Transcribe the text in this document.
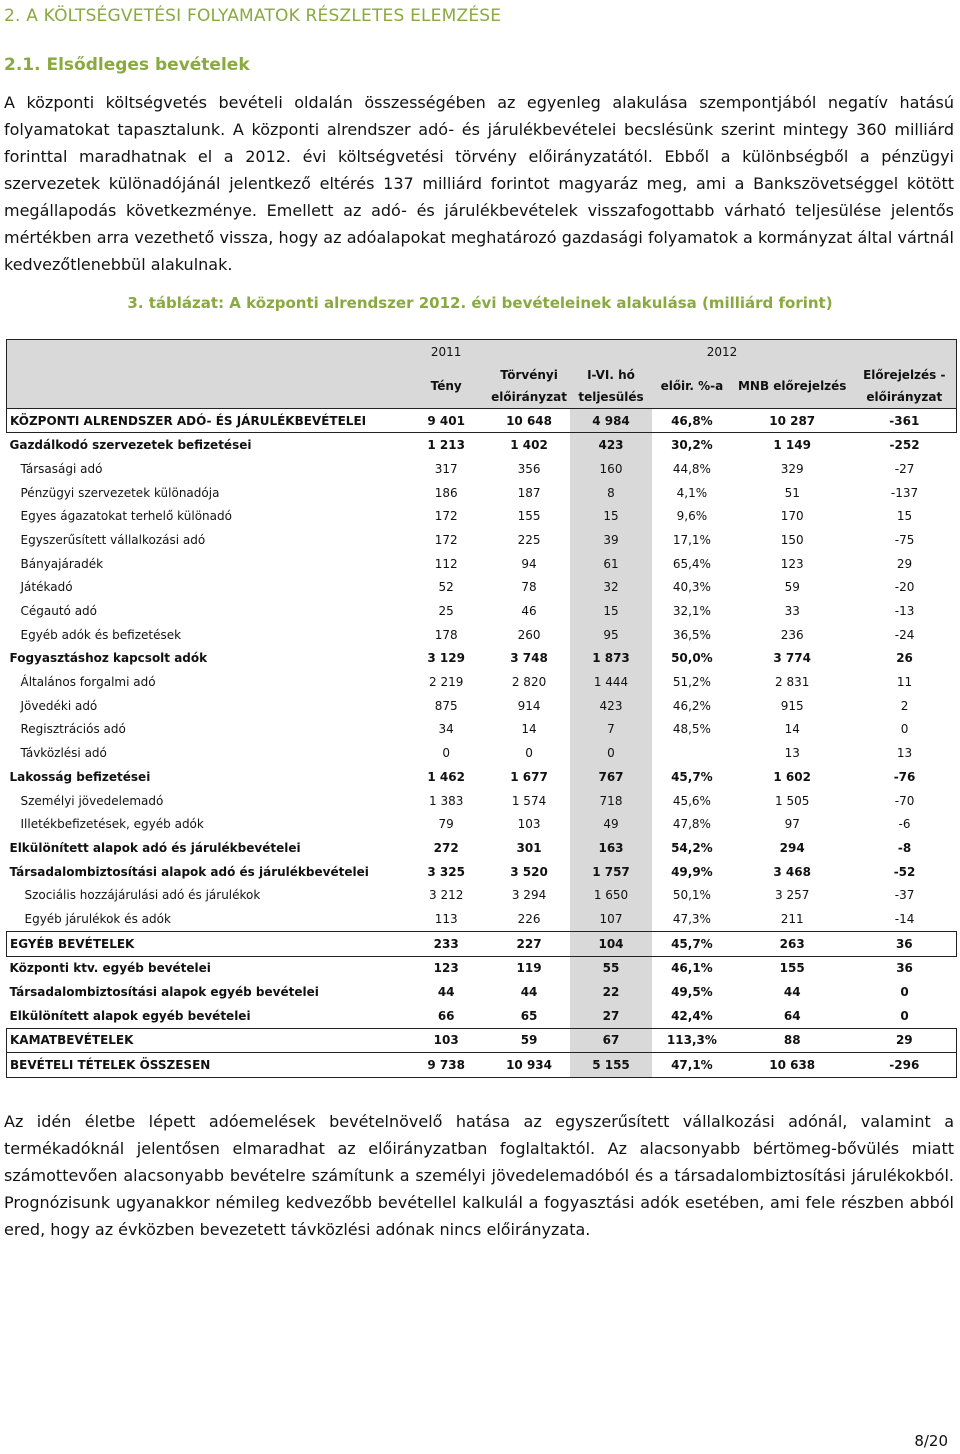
2. A KÖLTSÉGVETÉSI FOLYAMATOK RÉSZLETES ELEMZÉSE
2.1. Elsődleges bevételek
A központi költségvetés bevételi oldalán összességében az egyenleg alakulása szempontjából negatív hatású folyamatokat tapasztalunk. A központi alrendszer adó- és járulékbevételei becslésünk szerint mintegy 360 milliárd forinttal maradhatnak el a 2012. évi költségvetési törvény előirányzatától. Ebből a különbségből a pénzügyi szervezetek különadójánál jelentkező eltérés 137 milliárd forintot magyaráz meg, ami a Bankszövetséggel kötött megállapodás következménye. Emellett az adó- és járulékbevételek visszafogottabb várható teljesülése jelentős mértékben arra vezethető vissza, hogy az adóalapokat meghatározó gazdasági folyamatok a kormányzat által vártnál kedvezőtlenebbül alakulnak.
3. táblázat: A központi alrendszer 2012. évi bevételeinek alakulása (milliárd forint)
	2011	2012				
	Tény	Törvényi előirányzat	I-VI. hó teljesülés	előir. %-a	MNB előrejelzés	Előrejelzés - előirányzat
KÖZPONTI ALRENDSZER ADÓ- ÉS JÁRULÉKBEVÉTELEI	9 401	10 648	4 984	46,8%	10 287	-361
Gazdálkodó szervezetek befizetései	1 213	1 402	423	30,2%	1 149	-252
Társasági adó	317	356	160	44,8%	329	-27
Pénzügyi szervezetek különadója	186	187	8	4,1%	51	-137
Egyes ágazatokat terhelő különadó	172	155	15	9,6%	170	15
Egyszerűsített vállalkozási adó	172	225	39	17,1%	150	-75
Bányajáradék	112	94	61	65,4%	123	29
Játékadó	52	78	32	40,3%	59	-20
Cégautó adó	25	46	15	32,1%	33	-13
Egyéb adók és befizetések	178	260	95	36,5%	236	-24
Fogyasztáshoz kapcsolt adók	3 129	3 748	1 873	50,0%	3 774	26
Általános forgalmi adó	2 219	2 820	1 444	51,2%	2 831	11
Jövedéki adó	875	914	423	46,2%	915	2
Regisztrációs adó	34	14	7	48,5%	14	0
Távközlési adó	0	0	0		13	13
Lakosság befizetései	1 462	1 677	767	45,7%	1 602	-76
Személyi jövedelemadó	1 383	1 574	718	45,6%	1 505	-70
Illetékbefizetések, egyéb adók	79	103	49	47,8%	97	-6
Elkülönített alapok adó és járulékbevételei	272	301	163	54,2%	294	-8
Társadalombiztosítási alapok adó és járulékbevételei	3 325	3 520	1 757	49,9%	3 468	-52
Szociális hozzájárulási adó és járulékok	3 212	3 294	1 650	50,1%	3 257	-37
Egyéb járulékok és adók	113	226	107	47,3%	211	-14
EGYÉB BEVÉTELEK	233	227	104	45,7%	263	36
Központi ktv. egyéb bevételei	123	119	55	46,1%	155	36
Társadalombiztosítási alapok egyéb bevételei	44	44	22	49,5%	44	0
Elkülönített alapok egyéb bevételei	66	65	27	42,4%	64	0
KAMATBEVÉTELEK	103	59	67	113,3%	88	29
BEVÉTELI TÉTELEK ÖSSZESEN	9 738	10 934	5 155	47,1%	10 638	-296
Az idén életbe lépett adóemelések bevételnövelő hatása az egyszerűsített vállalkozási adónál, valamint a termékadóknál jelentősen elmaradhat az előirányzatban foglaltaktól. Az alacsonyabb bértömeg-bővülés miatt számottevően alacsonyabb bevételre számítunk a személyi jövedelemadóból és a társadalombiztosítási járulékokból. Prognózisunk ugyanakkor némileg kedvezőbb bevétellel kalkulál a fogyasztási adók esetében, ami fele részben abból ered, hogy az évközben bevezetett távközlési adónak nincs előirányzata.
8/20
